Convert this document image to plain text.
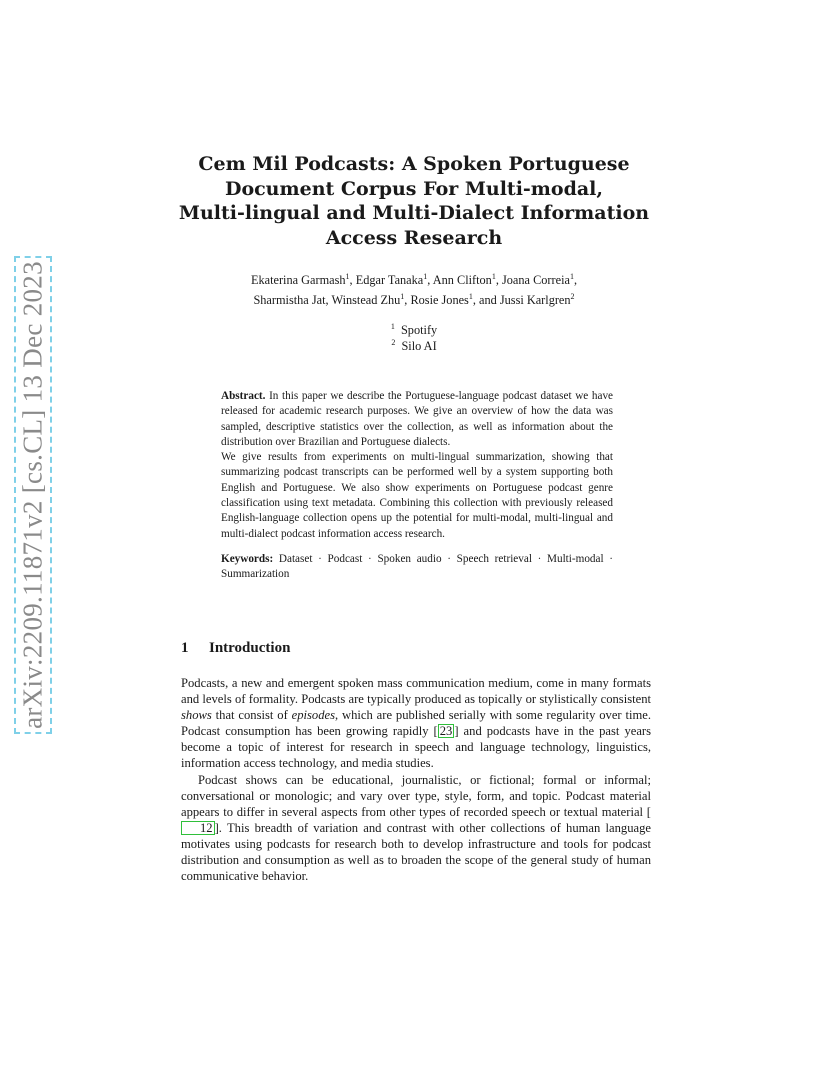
arXiv:2209.11871v2 [cs.CL] 13 Dec 2023
Cem Mil Podcasts: A Spoken Portuguese
Document Corpus For Multi-modal,
Multi-lingual and Multi-Dialect Information
Access Research
Ekaterina Garmash$^1$, Edgar Tanaka$^1$, Ann Clifton$^1$, Joana Correia$^1$,
Sharmistha Jat, Winstead Zhu$^1$, Rosie Jones$^1$, and Jussi Karlgren$^2$
$^1$ Spotify
$^2$ Silo AI

Abstract. In this paper we describe the Portuguese-language podcast dataset we have released for academic research purposes. We give an overview of how the data was sampled, descriptive statistics over the collection, as well as information about the distribution over Brazilian and Portuguese dialects.

We give results from experiments on multi-lingual summarization, showing that summarizing podcast transcripts can be performed well by a system supporting both English and Portuguese. We also show experiments on Portuguese podcast genre classification using text metadata. Combining this collection with previously released English-language collection opens up the potential for multi-modal, multi-lingual and multi-dialect podcast information access research.

Keywords: Dataset · Podcast · Spoken audio · Speech retrieval · Multi-modal · Summarization

1 Introduction

Podcasts, a new and emergent spoken mass communication medium, come in many formats and levels of formality. Podcasts are typically produced as topically or stylistically consistent shows that consist of episodes, which are published serially with some regularity over time. Podcast consumption has been growing rapidly [ 23 ] and podcasts have in the past years become a topic of interest for research in speech and language technology, linguistics, information access technology, and media studies.

Podcast shows can be educational, journalistic, or fictional; formal or informal; conversational or monologic; and vary over type, style, form, and topic. Podcast material appears to differ in several aspects from other types of recorded speech or textual material [12 ]. This breadth of variation and contrast with other collections of human language motivates using podcasts for research both to develop infrastructure and tools for podcast distribution and consumption as well as to broaden the scope of the general study of human communicative behavior.
